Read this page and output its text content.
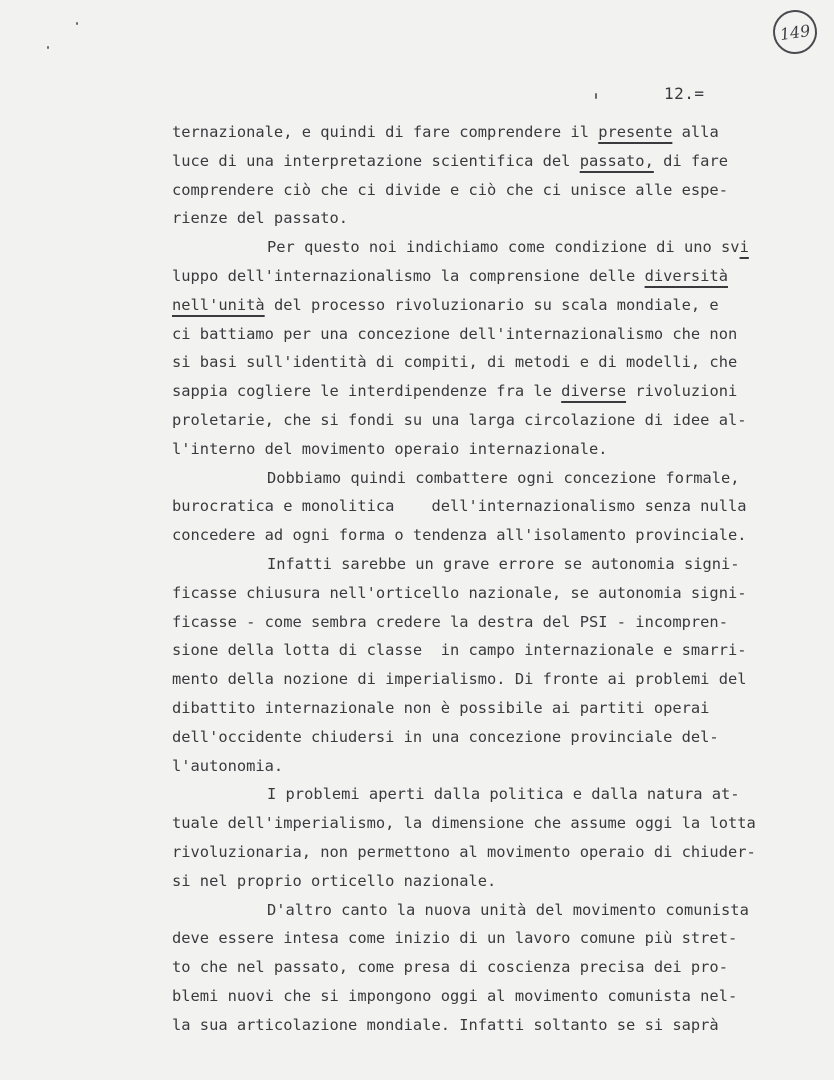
149
12.=
ternazionale, e quindi di fare comprendere il presente alla
luce di una interpretazione scientifica del passato, di fare
comprendere ciò che ci divide e ciò che ci unisce alle espe-
rienze del passato.
Per questo noi indichiamo come condizione di uno svi
luppo dell'internazionalismo la comprensione delle diversità
nell'unità del processo rivoluzionario su scala mondiale, e
ci battiamo per una concezione dell'internazionalismo che non
si basi sull'identità di compiti, di metodi e di modelli, che
sappia cogliere le interdipendenze fra le diverse rivoluzioni
proletarie, che si fondi su una larga circolazione di idee al-
l'interno del movimento operaio internazionale.
Dobbiamo quindi combattere ogni concezione formale,
burocratica e monolitica    dell'internazionalismo senza nulla
concedere ad ogni forma o tendenza all'isolamento provinciale.
Infatti sarebbe un grave errore se autonomia signi-
ficasse chiusura nell'orticello nazionale, se autonomia signi-
ficasse - come sembra credere la destra del PSI - incompren-
sione della lotta di classe  in campo internazionale e smarri-
mento della nozione di imperialismo. Di fronte ai problemi del
dibattito internazionale non è possibile ai partiti operai
dell'occidente chiudersi in una concezione provinciale del-
l'autonomia.
I problemi aperti dalla politica e dalla natura at-
tuale dell'imperialismo, la dimensione che assume oggi la lotta
rivoluzionaria, non permettono al movimento operaio di chiuder-
si nel proprio orticello nazionale.
D'altro canto la nuova unità del movimento comunista
deve essere intesa come inizio di un lavoro comune più stret-
to che nel passato, come presa di coscienza precisa dei pro-
blemi nuovi che si impongono oggi al movimento comunista nel-
la sua articolazione mondiale. Infatti soltanto se si saprà
